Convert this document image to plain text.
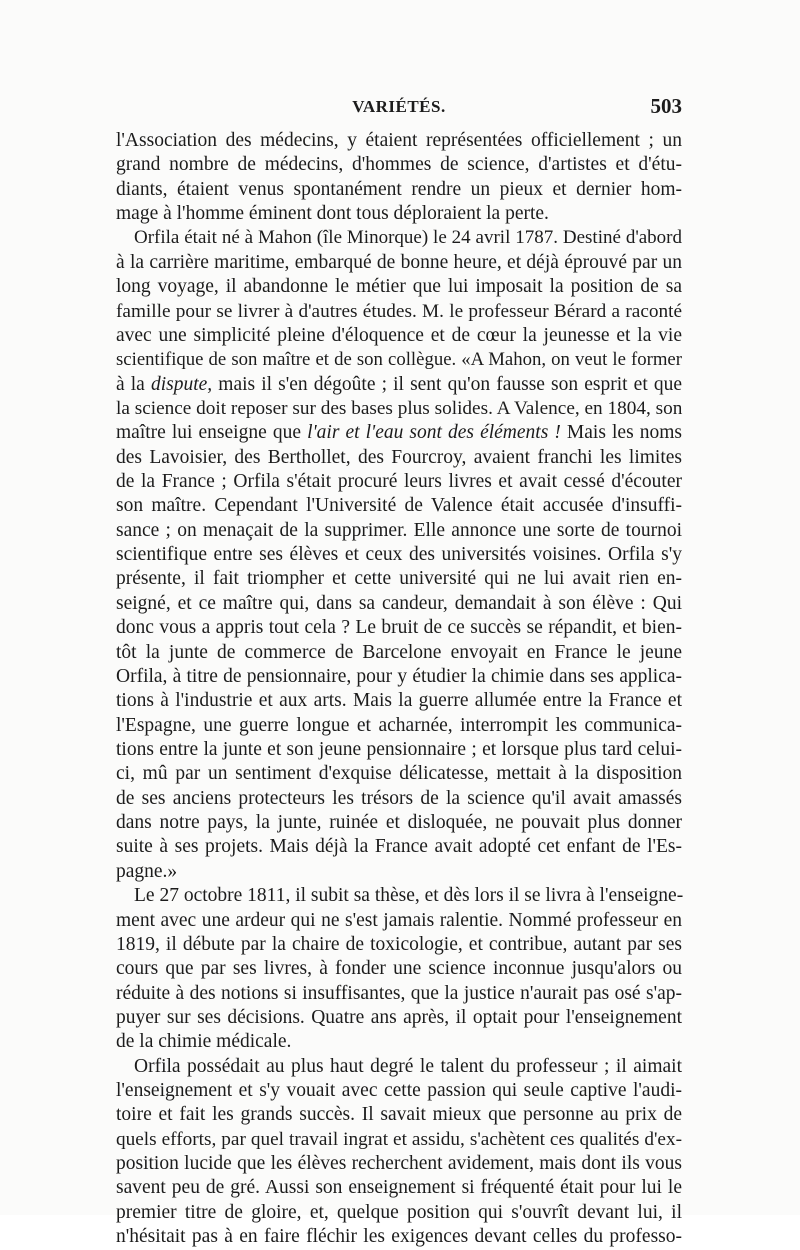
VARIÉTÉS.	503
l'Association des médecins, y étaient représentées officiellement ; un
grand nombre de médecins, d'hommes de science, d'artistes et d'étu-
diants, étaient venus spontanément rendre un pieux et dernier hom-
mage à l'homme éminent dont tous déploraient la perte.
Orfila était né à Mahon (île Minorque) le 24 avril 1787. Destiné d'abord
à la carrière maritime, embarqué de bonne heure, et déjà éprouvé par un
long voyage, il abandonne le métier que lui imposait la position de sa
famille pour se livrer à d'autres études. M. le professeur Bérard a raconté
avec une simplicité pleine d'éloquence et de cœur la jeunesse et la vie
scientifique de son maître et de son collègue. «A Mahon, on veut le former
à la dispute, mais il s'en dégoûte ; il sent qu'on fausse son esprit et que
la science doit reposer sur des bases plus solides. A Valence, en 1804, son
maître lui enseigne que l'air et l'eau sont des éléments ! Mais les noms
des Lavoisier, des Berthollet, des Fourcroy, avaient franchi les limites
de la France ; Orfila s'était procuré leurs livres et avait cessé d'écouter
son maître. Cependant l'Université de Valence était accusée d'insuffi-
sance ; on menaçait de la supprimer. Elle annonce une sorte de tournoi
scientifique entre ses élèves et ceux des universités voisines. Orfila s'y
présente, il fait triompher et cette université qui ne lui avait rien en-
seigné, et ce maître qui, dans sa candeur, demandait à son élève : Qui
donc vous a appris tout cela ? Le bruit de ce succès se répandit, et bien-
tôt la junte de commerce de Barcelone envoyait en France le jeune
Orfila, à titre de pensionnaire, pour y étudier la chimie dans ses applica-
tions à l'industrie et aux arts. Mais la guerre allumée entre la France et
l'Espagne, une guerre longue et acharnée, interrompit les communica-
tions entre la junte et son jeune pensionnaire ; et lorsque plus tard celui-
ci, mû par un sentiment d'exquise délicatesse, mettait à la disposition
de ses anciens protecteurs les trésors de la science qu'il avait amassés
dans notre pays, la junte, ruinée et disloquée, ne pouvait plus donner
suite à ses projets. Mais déjà la France avait adopté cet enfant de l'Es-
pagne.»
Le 27 octobre 1811, il subit sa thèse, et dès lors il se livra à l'enseigne-
ment avec une ardeur qui ne s'est jamais ralentie. Nommé professeur en
1819, il débute par la chaire de toxicologie, et contribue, autant par ses
cours que par ses livres, à fonder une science inconnue jusqu'alors ou
réduite à des notions si insuffisantes, que la justice n'aurait pas osé s'ap-
puyer sur ses décisions. Quatre ans après, il optait pour l'enseignement
de la chimie médicale.
Orfila possédait au plus haut degré le talent du professeur ; il aimait
l'enseignement et s'y vouait avec cette passion qui seule captive l'audi-
toire et fait les grands succès. Il savait mieux que personne au prix de
quels efforts, par quel travail ingrat et assidu, s'achètent ces qualités d'ex-
position lucide que les élèves recherchent avidement, mais dont ils vous
savent peu de gré. Aussi son enseignement si fréquenté était pour lui le
premier titre de gloire, et, quelque position qui s'ouvrît devant lui, il
n'hésitait pas à en faire fléchir les exigences devant celles du professo-
